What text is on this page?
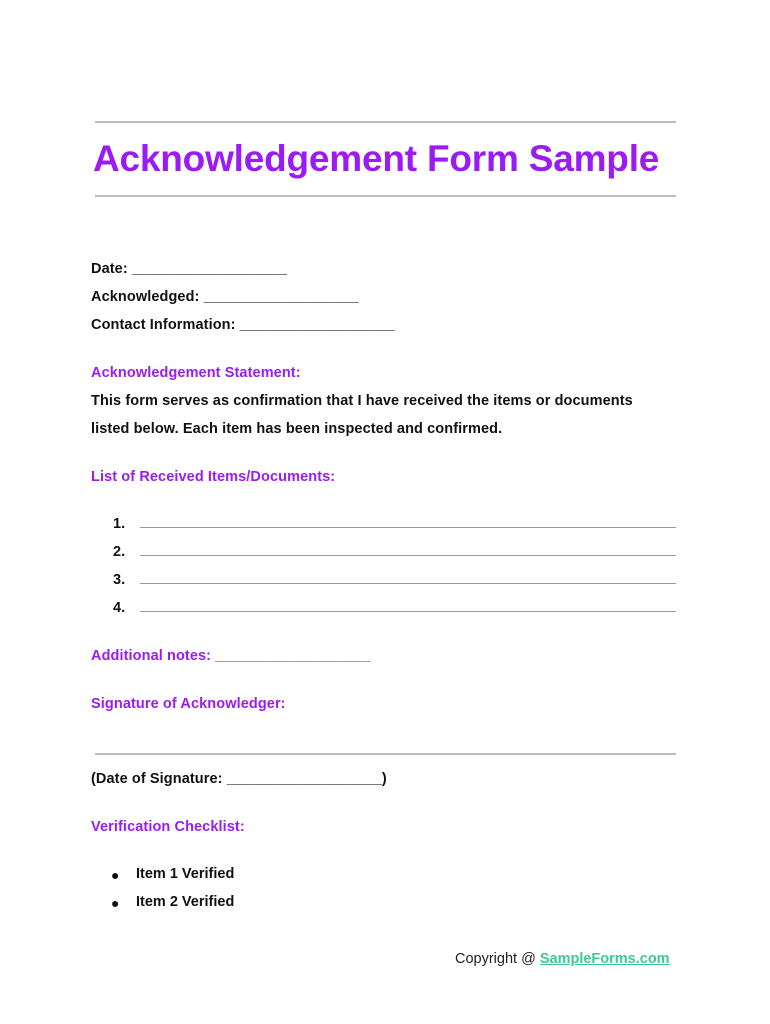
Acknowledgement Form Sample
Date: ___________________
Acknowledged: ___________________
Contact Information: ___________________
Acknowledgement Statement:
This form serves as confirmation that I have received the items or documents
listed below. Each item has been inspected and confirmed.
List of Received Items/Documents:
1.
2.
3.
4.
Additional notes: ___________________
Signature of Acknowledger:
(Date of Signature: ___________________)
Verification Checklist:
● Item 1 Verified
● Item 2 Verified
Copyright @ SampleForms.com
